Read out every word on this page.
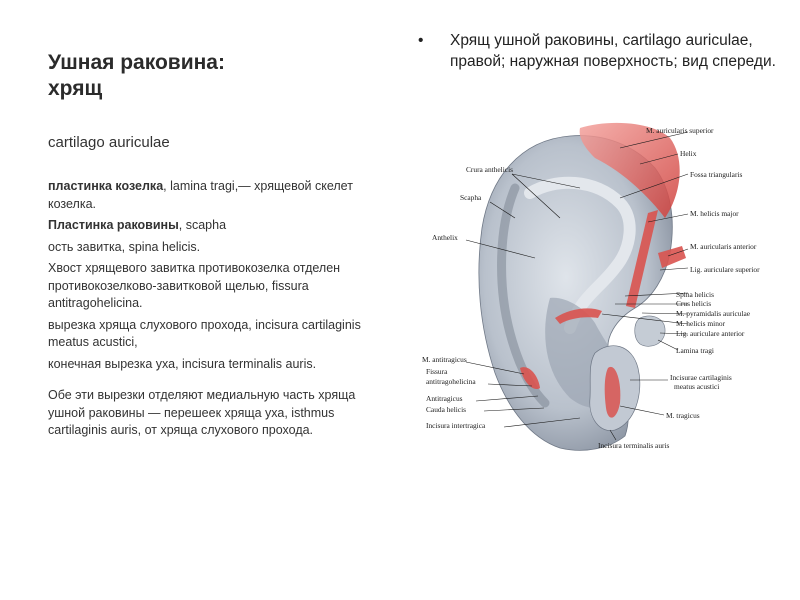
Ушная раковина:
хрящ
cartilago auriculae

пластинка козелка, lamina tragi,— хрящевой скелет козелка.

Пластинка раковины, scapha

ость завитка, spina helicis.

Хвост хрящевого завитка противокозелка отделен противокозелково-завитковой щелью, fissura antitragohelicina.

вырезка хряща слухового прохода, incisura cartilaginis meatus acustici,

конечная вырезка уха, incisura terminalis auris.

Обе эти вырезки отделяют медиальную часть хряща ушной раковины — перешеек хряща уха, isthmus cartilaginis auris, от хряща слухового прохода.

•	Хрящ ушной раковины, cartilago auriculae, правой; наружная поверхность; вид спереди.
M. auricularis superior
Helix
Fossa triangularis
M. helicis major
M. auricularis anterior
Lig. auriculare superior
Spina helicis
Crus helicis
M. pyramidalis auriculae
M. helicis minor
Lig. auriculare anterior
Lamina tragi
Incisurae cartilaginis
meatus acustici
M. tragicus
Incisura terminalis auris
Crura anthelicis
Scapha
Anthelix
M. antitragicus
Fissura
antitragohelicina
Antitragicus
Cauda helicis
Incisura intertragica
